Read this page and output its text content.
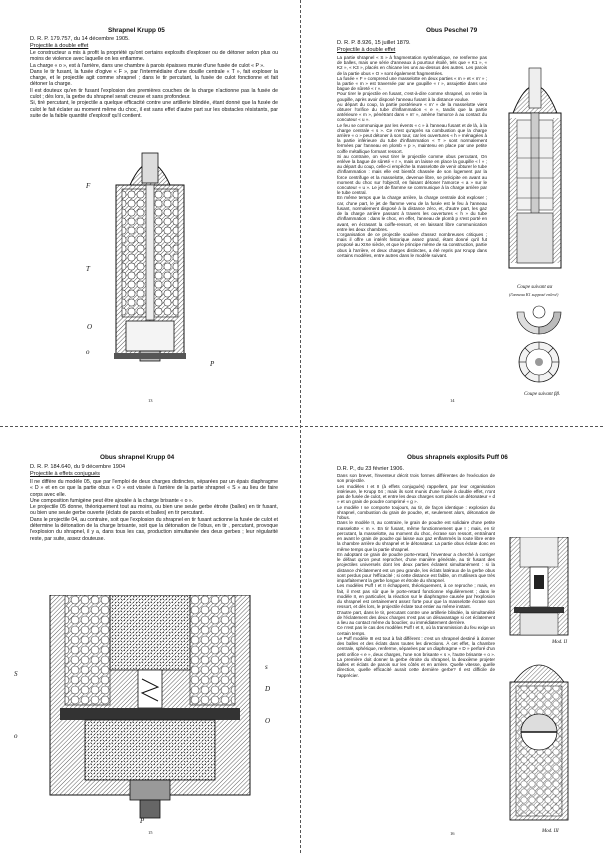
Shrapnel Krupp 05
D. R. P. 179.757, du 14 décembre 1905.
Projectile à double effet

Le constructeur a mis à profit la propriété qu'ont certains explosifs d'exploser ou de détoner selon plus ou moins de violence avec laquelle on les enflamme.

La charge « o », est à l'arrière, dans une chambre à parois épaisses munie d'une fusée de culot « P ».

Dans le tir fusant, la fusée d'ogive « F », par l'intermédiaire d'une douille centrale « T », fait exploser la charge, et le projectile agit comme shrapnel ; dans le tir percutant, la fusée de culot fonctionne et fait détoner la charge.

Il est douteux qu'en tir fusant l'explosion des premières couches de la charge n'actionne pas la fusée de culot ; dès lors, la gerbe du shrapnel serait creuse et sans profondeur.

Si, tiré percutant, le projectile a quelque efficacité contre une artillerie blindée, étant donné que la fusée de culot le fait éclater au moment même du choc, il est sans effet d'autre part sur les obstacles résistants, par suite de la faible quantité d'explosif qu'il contient.

F
T
O
o
P
13
Obus Peschel 79
D. R. P. 8.926, 15 juillet 1879.
Projectile à double effet

La partie shrapnel « S » à fragmentation systématique, ne renferme pas de balles, mais une série d'anneaux à pourtour étoilé, tels que « K1 », « K2 », « K3 », placés en chicane les uns au-dessus des autres. Les parois de la partie obus « O » sont également fragmentées.

La fusée « F » comprend une masselotte en deux parties « m » et « m' » ; la partie « m » est traversée par une goupille « r », assujettie dans une bague de sûreté « r ».

Pour tirer le projectile en fusant, c'est-à-dire comme shrapnel, on retire la goupille, après avoir disposé l'anneau fusant à la distance voulue.

Au départ du coup, la partie postérieure « m' » de la masselotte vient obturer l'orifice du tube d'inflammation « e », tandis que la partie antérieure « m », pénètrant dans « m' », amène l'amorce à au contact du concuteur « u ».

Le feu se communique par les évents « c » à l'anneau fusant et de là, à la charge centrale « s ». Ce n'est qu'après sa combustion que la charge arrière « o » peut détoner à son tour, car les ouvertures « h » ménagées à la partie inférieure du tube d'inflammation « T » sont normalement fermées par l'anneau en plomb « p », maintenu en place par une petite coiffe métallique formant ressort.

Si au contraire, on veut tirer le projectile comme obus percutant, On enlève la bague de sûreté « r », mais on laisse en place la goupille « l » ; au départ du coup, celle-ci empêche la masselotte de venir obturer le tube d'inflammation : mais elle est bientôt chassée de son logement par la force centrifuge et la masselotte, devenue libre, se précipite en avant au moment du choc sur l'objectif, en faisant détoner l'amorce « a » sur le concuteur « u ». Le jet de flamme se communique à la charge arrière par le tube central.

En même temps que la charge arrière, la charge centrale doit exploser ; car, d'une part, le jet de flamme venu de la fusée est le feu à l'anneau fusant, normalement disposé à la distance zéro, et, d'autre part, les gaz de la charge arrière passant à travers les ouvertures « h » du tube d'inflammation : dans le choc, en effet, l'anneau de plomb p s'est porté en avant, en écrasant la coiffe-ressort, et en laissant libre communication entre les deux chambres.

L'organisation de ce projectile soulève d'assez nombreuses critiques ; mais il offre un intérêt historique assez grand, étant donné qu'il fut proposé au XIXe siècle, et que le principe même de sa construction, partie obus à l'arrière, et deux charges distinctes, a été repris par Krupp dans certains modèles, entre autres dans le modèle suivant.

Coupe suivant αα
(l'anneau K1 supposé enlevé)
Coupe suivant ββ.
14
Obus shrapnel Krupp 04
D. R. P. 184.640, du 9 décembre 1904
Projectile à effets conjugués

Il ne diffère du modèle 05, que par l'emploi de deux charges distinctes, séparées par un épais diaphragme « D » et en ce que la partie obus « O » est vissée à l'arrière de la partie shrapnel « S » au lieu de faire corps avec elle.

Une composition fumigène peut être ajoutée à la charge brisante « o ».

Le projectile 05 donne, théoriquement tout au moins, ou bien une seule gerbe étroite (balles) en tir fusant, ou bien une seule gerbe ouverte (éclats de parois et balles) en tir percutant.

Dans le projectile 04, au contraire, soit que l'explosion du shrapnel en tir fusant actionne la fusée de culot et détermine la détonation de la charge brisante, soit que la détonation de l'obus, en tir , percutant, provoque l'explosion du shrapnel, il y a, dans tous les cas, production simultanée des deux gerbes ; leur régularité reste, par suite, assez douteuse.

S
s
D
O
o
P
15
Obus shrapnels explosifs Puff 06
D.R. P., du 23 février 1906.

Dans son brevet, l'inventeur décrit trois formes différentes de l'exécution de son projectile.

Les modèles I et II (à effets conjugués) rappellent, par leur organisation intérieure, le Krupp 04 ; mais ils sont munis d'une fusée à double effet, n'ont pas de fusée de culot, et entre les deux charges sont placés un détonateur « d » et un grain de poudre comprimé « g ».

Le modèle I se comporte toujours, au tir, de façon identique : explosion du shrapnel, combustion du grain de poudre, et, seulement alors, détonation de l'obus.

Dans le modèle II, au contraire, le grain de poudre est solidaire d'une petite masselotte « m ». En tir fusant, même fonctionnement que I ; mais, en tir percutant, la masselotte, au moment du choc, écrase son ressort, entraînant en avant le grain de poudre qui laisse aux gaz enflammés la route libre entre la chambre arrière du shrapnel et le détonateur. La partie obus éclate donc en même temps que la partie shrapnel.

En adoptant ce grain de poudre porte-retard, l'inventeur a cherché à corriger le défaut qu'on peut reprocher, d'une manière générale, au tir fusant des projectiles universels dont les deux parties éclatent simultanément : si la distance d'éclatement est un peu grande, les éclats latéraux de la gerbe obus sont perdus pour l'efficacité ; si cette distance est faible, on n'utilisera que très imparfaitement la gerbe longue et étroite du shrapnel.

Les modèles Puff I et II échappent, théoriquement, à ce reproche ; mais, en fait, il n'est pas sûr que le porte-retard fonctionne régulièrement ; dans le modèle II, en particulier, la réaction sur le diaphragme causée par l'explosion du shrapnel est certainement assez forte pour que la masselotte écrase son ressort, et dès lors, le projectile éclate tout entier au même instant.

D'autre part, dans le tir, percutant contre une artillerie blindée, la simultanéité de l'éclatement des deux charges n'est pas un désavantage si cet éclatement a lieu au contact même du bouclier, ou immédiatement derrière.

Ce n'est pas le cas des modèles Puff I et II, où la transmission du feu exige un certain temps.

Le Puff modèle III est tout à fait différent : c'est un shrapnel destiné à donner des balles et des éclats dans toutes les directions. À cet effet, la chambre centrale, sphérique, renferme, séparées par un diaphragme « D » perforé d'un petit orifice « e », deux charges, l'une non brisante « s », l'autre brisante « o ». La première doit donner la gerbe étroite du shrapnel, la deuxième projeter balles et éclats de parois sur les côtés et en arrière. Quelle vitesse, quelle direction, quelle efficacité aurait cette dernière gerbe? Il est difficile de l'apprécier.

Mod. II
Mod. III
16
